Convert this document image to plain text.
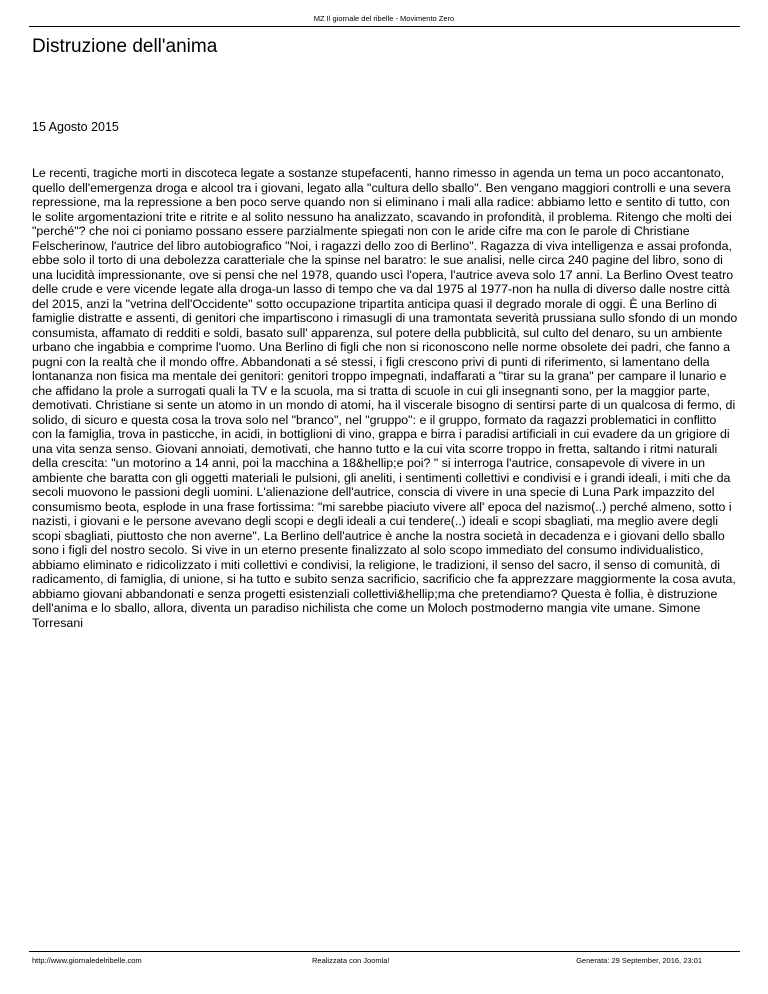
MZ Il giornale del ribelle - Movimento Zero
Distruzione dell'anima
15 Agosto 2015

Le recenti, tragiche morti in discoteca legate a sostanze stupefacenti, hanno rimesso in agenda un tema un poco accantonato, quello dell'emergenza droga e alcool tra i giovani, legato alla "cultura dello sballo". Ben vengano maggiori controlli e una severa repressione, ma la repressione a ben poco serve quando non si eliminano i mali alla radice: abbiamo letto e sentito di tutto, con le solite argomentazioni trite e ritrite e al solito nessuno ha analizzato, scavando in profondità, il problema. Ritengo che molti dei "perché"? che noi ci poniamo possano essere parzialmente spiegati non con le aride cifre ma con le parole di Christiane Felscherinow, l'autrice del libro autobiografico "Noi, i ragazzi dello zoo di Berlino". Ragazza di viva intelligenza e assai profonda, ebbe solo il torto di una debolezza caratteriale che la spinse nel baratro: le sue analisi, nelle circa 240 pagine del libro, sono di una lucidità impressionante, ove si pensi che nel 1978, quando uscì l'opera, l'autrice aveva solo 17 anni. La Berlino Ovest teatro delle crude e vere vicende legate alla droga-un lasso di tempo che va dal 1975 al 1977-non ha nulla di diverso dalle nostre città del 2015, anzi la "vetrina dell'Occidente" sotto occupazione tripartita anticipa quasi il degrado morale di oggi. È una Berlino di famiglie distratte e assenti, di genitori che impartiscono i rimasugli di una tramontata severità prussiana sullo sfondo di un mondo consumista, affamato di redditi e soldi, basato sull' apparenza, sul potere della pubblicità, sul culto del denaro, su un ambiente urbano che ingabbia e comprime l'uomo. Una Berlino di figli che non si riconoscono nelle norme obsolete dei padri, che fanno a pugni con la realtà che il mondo offre. Abbandonati a sé stessi, i figli crescono privi di punti di riferimento, si lamentano della lontananza non fisica ma mentale dei genitori: genitori troppo impegnati, indaffarati a "tirar su la grana" per campare il lunario e che affidano la prole a surrogati quali la TV e la scuola, ma si tratta di scuole in cui gli insegnanti sono, per la maggior parte, demotivati. Christiane si sente un atomo in un mondo di atomi, ha il viscerale bisogno di sentirsi parte di un qualcosa di fermo, di solido, di sicuro e questa cosa la trova solo nel "branco", nel "gruppo": e il gruppo, formato da ragazzi problematici in conflitto con la famiglia, trova in pasticche, in acidi, in bottiglioni di vino, grappa e birra i paradisi artificiali in cui evadere da un grigiore di una vita senza senso. Giovani annoiati, demotivati, che hanno tutto e la cui vita scorre troppo in fretta, saltando i ritmi naturali della crescita: "un motorino a 14 anni, poi la macchina a 18&hellip;e poi? " si interroga l'autrice, consapevole di vivere in un ambiente che baratta con gli oggetti materiali le pulsioni, gli aneliti, i sentimenti collettivi e condivisi e i grandi ideali, i miti che da secoli muovono le passioni degli uomini. L'alienazione dell'autrice, conscia di vivere in una specie di Luna Park impazzito del consumismo beota, esplode in una frase fortissima: "mi sarebbe piaciuto vivere all' epoca del nazismo(..) perché almeno, sotto i nazisti, i giovani e le persone avevano degli scopi e degli ideali a cui tendere(..) ideali e scopi sbagliati, ma meglio avere degli scopi sbagliati, piuttosto che non averne". La Berlino dell'autrice è anche la nostra società in decadenza e i giovani dello sballo sono i figli del nostro secolo. Si vive in un eterno presente finalizzato al solo scopo immediato del consumo individualistico, abbiamo eliminato e ridicolizzato i miti collettivi e condivisi, la religione, le tradizioni, il senso del sacro, il senso di comunità, di radicamento, di famiglia, di unione, si ha tutto e subito senza sacrificio, sacrificio che fa apprezzare maggiormente la cosa avuta, abbiamo giovani abbandonati e senza progetti esistenziali collettivi&hellip;ma che pretendiamo? Questa è follia, è distruzione dell'anima e lo sballo, allora, diventa un paradiso nichilista che come un Moloch postmoderno mangia vite umane. Simone Torresani

http://www.giornaledelribelle.com	Realizzata con Joomla!	Generata: 29 September, 2016, 23:01
